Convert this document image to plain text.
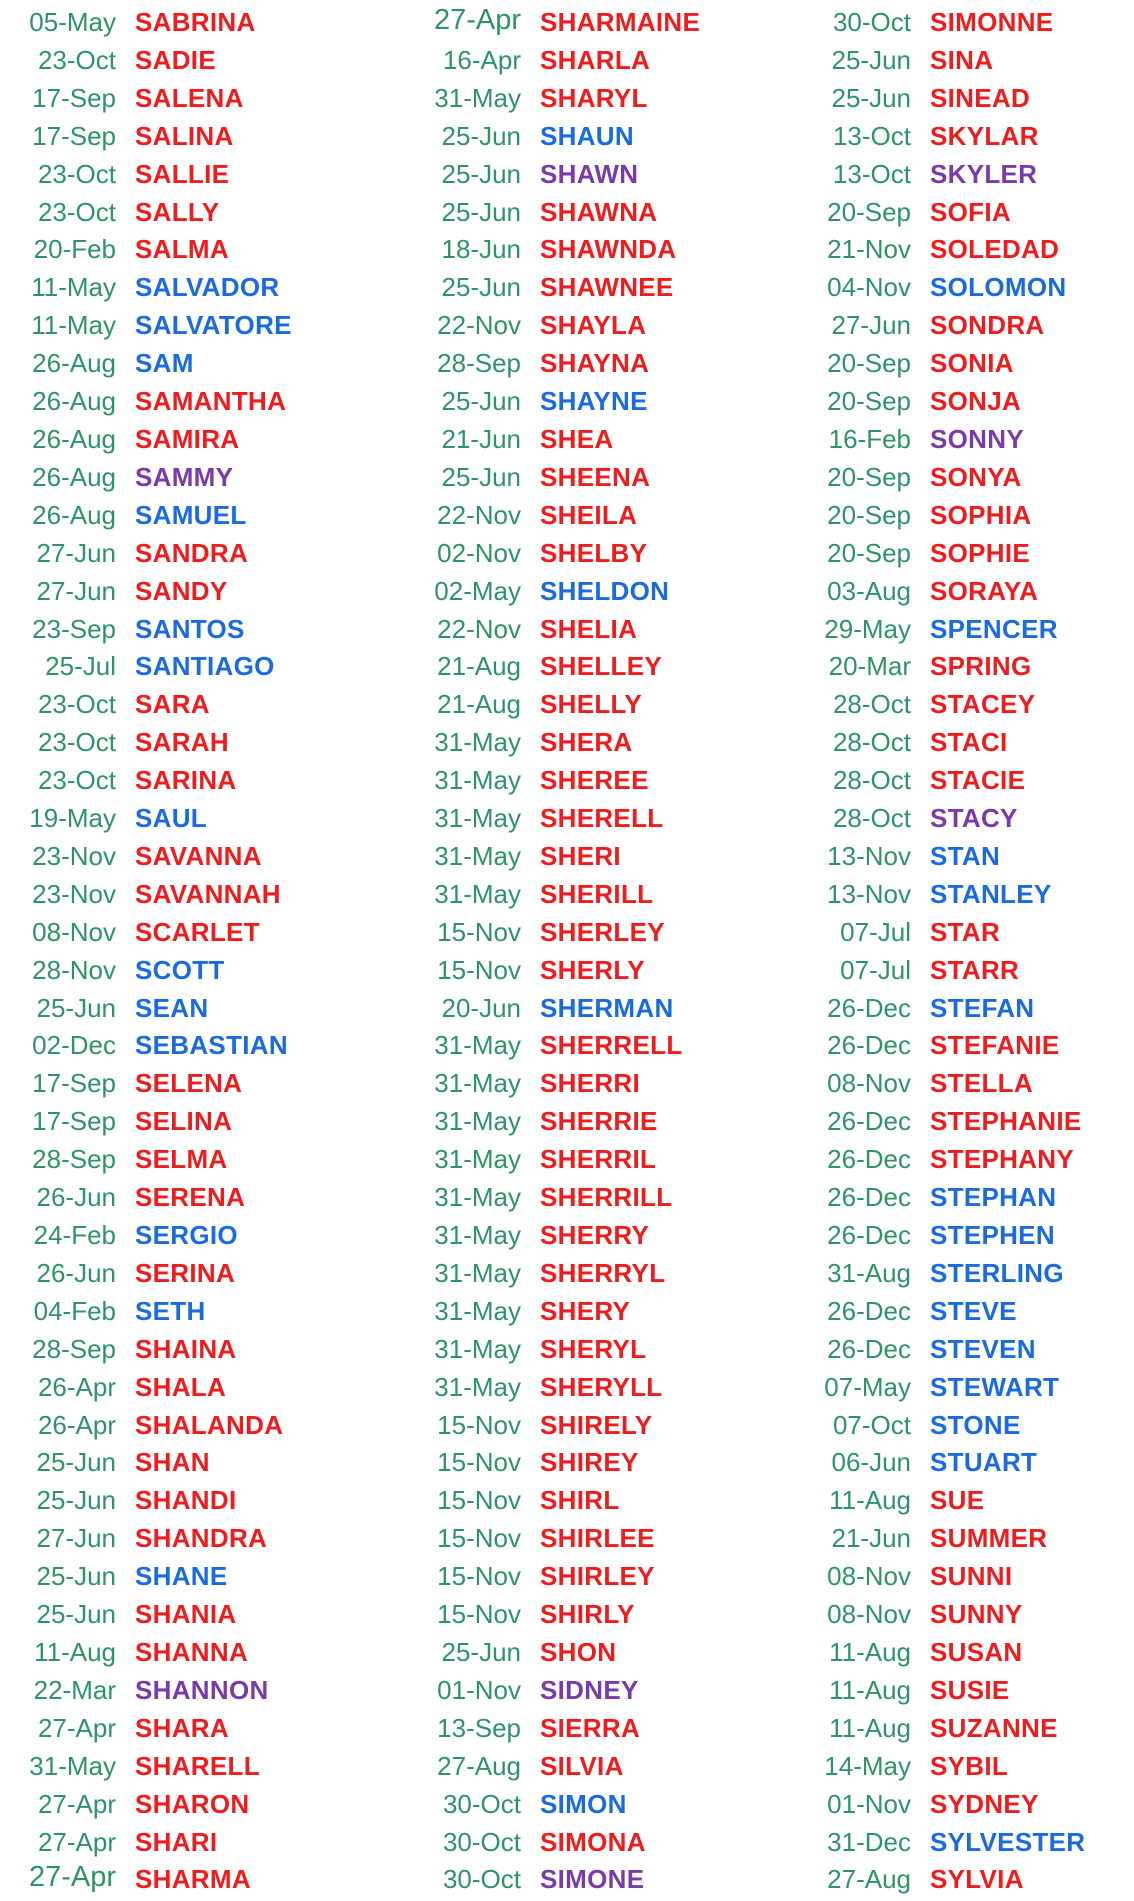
05-May SABRINA
23-Oct SADIE
17-Sep SALENA
17-Sep SALINA
23-Oct SALLIE
23-Oct SALLY
20-Feb SALMA
11-May SALVADOR
11-May SALVATORE
26-Aug SAM
26-Aug SAMANTHA
26-Aug SAMIRA
26-Aug SAMMY
26-Aug SAMUEL
27-Jun SANDRA
27-Jun SANDY
23-Sep SANTOS
25-Jul SANTIAGO
23-Oct SARA
23-Oct SARAH
23-Oct SARINA
19-May SAUL
23-Nov SAVANNA
23-Nov SAVANNAH
08-Nov SCARLET
28-Nov SCOTT
25-Jun SEAN
02-Dec SEBASTIAN
17-Sep SELENA
17-Sep SELINA
28-Sep SELMA
26-Jun SERENA
24-Feb SERGIO
26-Jun SERINA
04-Feb SETH
28-Sep SHAINA
26-Apr SHALA
26-Apr SHALANDA
25-Jun SHAN
25-Jun SHANDI
27-Jun SHANDRA
25-Jun SHANE
25-Jun SHANIA
11-Aug SHANNA
22-Mar SHANNON
27-Apr SHARA
31-May SHARELL
27-Apr SHARON
27-Apr SHARI
27-Apr SHARMA
27-Apr SHARMAINE
16-Apr SHARLA
31-May SHARYL
25-Jun SHAUN
25-Jun SHAWN
25-Jun SHAWNA
18-Jun SHAWNDA
25-Jun SHAWNEE
22-Nov SHAYLA
28-Sep SHAYNA
25-Jun SHAYNE
21-Jun SHEA
25-Jun SHEENA
22-Nov SHEILA
02-Nov SHELBY
02-May SHELDON
22-Nov SHELIA
21-Aug SHELLEY
21-Aug SHELLY
31-May SHERA
31-May SHEREE
31-May SHERELL
31-May SHERI
31-May SHERILL
15-Nov SHERLEY
15-Nov SHERLY
20-Jun SHERMAN
31-May SHERRELL
31-May SHERRI
31-May SHERRIE
31-May SHERRIL
31-May SHERRILL
31-May SHERRY
31-May SHERRYL
31-May SHERY
31-May SHERYL
31-May SHERYLL
15-Nov SHIRELY
15-Nov SHIREY
15-Nov SHIRL
15-Nov SHIRLEE
15-Nov SHIRLEY
15-Nov SHIRLY
25-Jun SHON
01-Nov SIDNEY
13-Sep SIERRA
27-Aug SILVIA
30-Oct SIMON
30-Oct SIMONA
30-Oct SIMONE
30-Oct SIMONNE
25-Jun SINA
25-Jun SINEAD
13-Oct SKYLAR
13-Oct SKYLER
20-Sep SOFIA
21-Nov SOLEDAD
04-Nov SOLOMON
27-Jun SONDRA
20-Sep SONIA
20-Sep SONJA
16-Feb SONNY
20-Sep SONYA
20-Sep SOPHIA
20-Sep SOPHIE
03-Aug SORAYA
29-May SPENCER
20-Mar SPRING
28-Oct STACEY
28-Oct STACI
28-Oct STACIE
28-Oct STACY
13-Nov STAN
13-Nov STANLEY
07-Jul STAR
07-Jul STARR
26-Dec STEFAN
26-Dec STEFANIE
08-Nov STELLA
26-Dec STEPHANIE
26-Dec STEPHANY
26-Dec STEPHAN
26-Dec STEPHEN
31-Aug STERLING
26-Dec STEVE
26-Dec STEVEN
07-May STEWART
07-Oct STONE
06-Jun STUART
11-Aug SUE
21-Jun SUMMER
08-Nov SUNNI
08-Nov SUNNY
11-Aug SUSAN
11-Aug SUSIE
11-Aug SUZANNE
14-May SYBIL
01-Nov SYDNEY
31-Dec SYLVESTER
27-Aug SYLVIA
